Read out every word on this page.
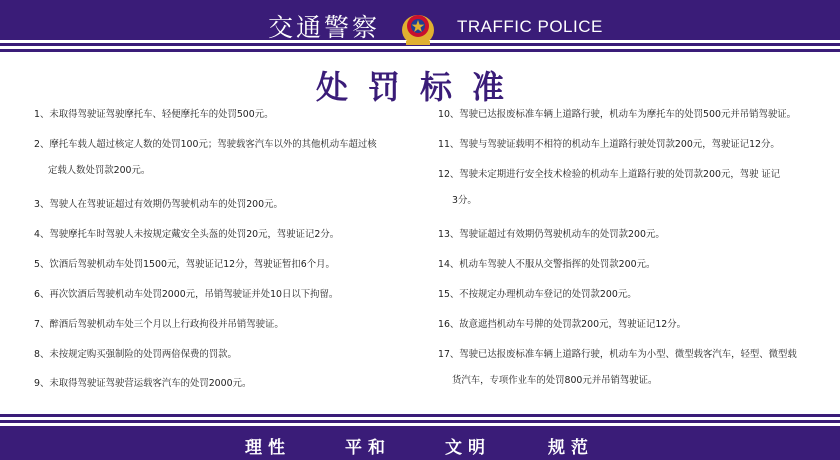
交通警察	TRAFFIC POLICE
处罚标准
1、未取得驾驶证驾驶摩托车、轻便摩托车的处罚500元。
2、摩托车载人超过核定人数的处罚100元；驾驶载客汽车以外的其他机动车超过核
定载人数处罚款200元。
3、驾驶人在驾驶证超过有效期仍驾驶机动车的处罚200元。
4、驾驶摩托车时驾驶人未按规定戴安全头盔的处罚20元，驾驶证记2分。
5、饮酒后驾驶机动车处罚1500元，驾驶证记12分，驾驶证暂扣6个月。
6、再次饮酒后驾驶机动车处罚2000元，吊销驾驶证并处10日以下拘留。
7、醉酒后驾驶机动车处三个月以上行政拘役并吊销驾驶证。
8、未按规定购买强制险的处罚两倍保费的罚款。
9、未取得驾驶证驾驶营运载客汽车的处罚2000元。
10、驾驶已达报废标准车辆上道路行驶，机动车为摩托车的处罚500元并吊销驾驶证。
11、驾驶与驾驶证载明不相符的机动车上道路行驶处罚款200元，驾驶证记12分。
12、驾驶未定期进行安全技术检验的机动车上道路行驶的处罚款200元，驾驶 证记
3分。
13、驾驶证超过有效期仍驾驶机动车的处罚款200元。
14、机动车驾驶人不服从交警指挥的处罚款200元。
15、不按规定办理机动车登记的处罚款200元。
16、故意遮挡机动车号牌的处罚款200元，驾驶证记12分。
17、驾驶已达报废标准车辆上道路行驶，机动车为小型、微型载客汽车，轻型、微型载
货汽车，专项作业车的处罚800元并吊销驾驶证。
理性	平和	文明	规范
